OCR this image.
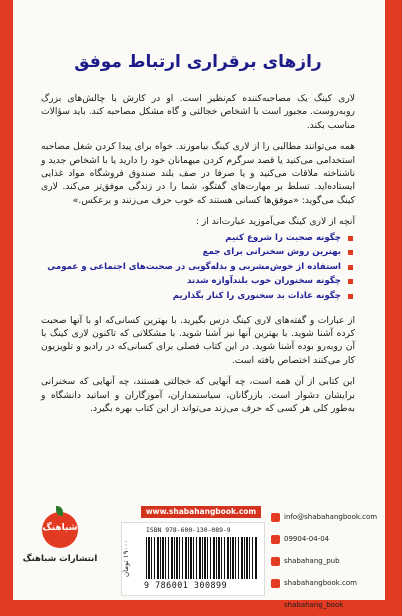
رازهای برقراری ارتباط موفق

لاری کینگ یک مصاحبه‌کننده کم‌نظیر است. او در کارش با چالش‌های بزرگ روبه‌روست. مجبور است با اشخاص خجالتی و گاه مشکل مصاحبه کند. باید سؤالات مناسب بکند.

همه می‌توانند مطالبی را از لاری کینگ بیاموزند. خواه برای پیدا کردن شغل مصاحبه استخدامی می‌کنید یا قصد سرگرم کردن میهمانان خود را دارید یا با اشخاص جدید و ناشناخته ملاقات می‌کنید و یا صرفا در صف بلند صندوق فروشگاه مواد غذایی ایستاده‌اید. تسلط بر مهارت‌های گفتگو، شما را در زندگی موفق‌تر می‌کند. لاری کینگ می‌گوید: «موفق‌ها کسانی هستند که خوب حرف می‌زنند و برعکس.»

آنچه از لاری کینگ می‌آموزید عبارت‌اند از :

چگونه صحبت را شروع کنیم
بهترین روش سخنرانی برای جمع
استفاده از خوش‌مشربی و بذله‌گویی در صحبت‌های اجتماعی و عمومی
چگونه سخنوران خوب بلندآوازه شدند
چگونه عادات بد سخنوری را کنار بگذاریم

از عبارات و گفته‌های لاری کینگ درس بگیرید. با بهترین کسانی‌که او با آنها صحبت کرده آشنا شوید. با بهترین آنها نیز آشنا شوید. با مشکلاتی که تاکنون لاری کینگ با آن روبه‌رو بوده آشنا شوید. در این کتاب فصلی برای کسانی‌که در رادیو و تلویزیون کار می‌کنند اختصاص یافته است.

این کتابی از آن همه است، چه آنهایی که خجالتی هستند، چه آنهایی که سخنرانی برایشان دشوار است. بازرگانان، سیاستمداران، آموزگاران و اساتید دانشگاه و به‌طور کلی هر کسی که حرف می‌زند می‌تواند از این کتاب بهره بگیرد.

شباهنگ
انتشارات شباهنگ
www.shabahangbook.com
۱۹۰۰۰ تومان
ISBN 978-600-130-089-9
9 786001 300899
info@shabahangbook.com
09904-04-04
shabahang_pub
shabahangbook.com
shabahang_book
